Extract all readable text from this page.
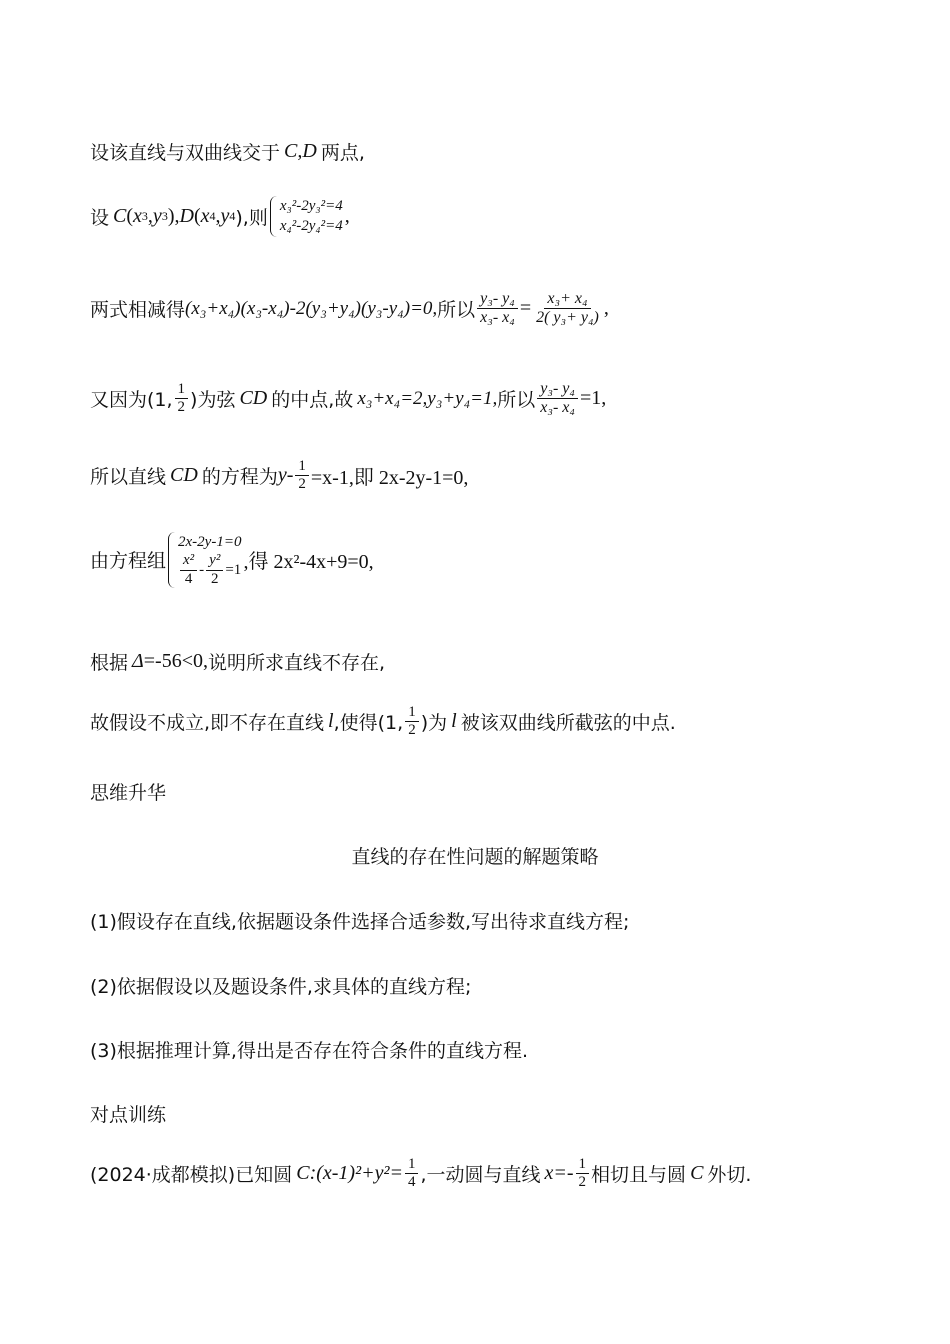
设该直线与双曲线交于 C,D 两点,
设 C ( x 3 , y 3 ), D ( x 4 , y 4 ),则
x₃²-2y₃²=4
x₄²-2y₄²=4 ,
两式相减得 (x₃+x₄)(x₃-x₄)-2(y₃+y₄)(y₃-y₄)=0, 所以 $\frac{\text{y₃- y₄}}{\text{x₃- x₄}} = \frac{\text{x₃+ x₄}}{\text{2( y₃+ y₄)}}$ ,
又因为(1, $\frac{1}{2}$ )为弦 CD 的中点,故 x₃+x₄=2,y₃+y₄=1, 所以 $\frac{\text{y₃- y₄}}{\text{x₃- x₄}} =1$,
所以直线 CD 的方程为 $y- \frac{1}{2} =x-1$,即 2x-2y-1=0,
由方程组
2x-2y-1=0
$\frac{\text{x²}}{4} - \frac{\text{y²}}{2} =1$ ,得 2x²-4x+9=0,
根据 Δ =-56<0, 说明所求直线不存在,
故假设不成立,即不存在直线 l ,使得(1, $\frac{1}{2}$ )为 l 被该双曲线所截弦的中点.
思维升华
直线的存在性问题的解题策略
(1)假设存在直线,依据题设条件选择合适参数,写出待求直线方程;
(2)依据假设以及题设条件,求具体的直线方程;
(3)根据推理计算,得出是否存在符合条件的直线方程.
对点训练
(2024·成都模拟)已知圆 C :(x-1)²+y²= $\frac{1}{4}$ ,一动圆与直线 $x=- \frac{1}{2}$ 相切且与圆 C 外切.
